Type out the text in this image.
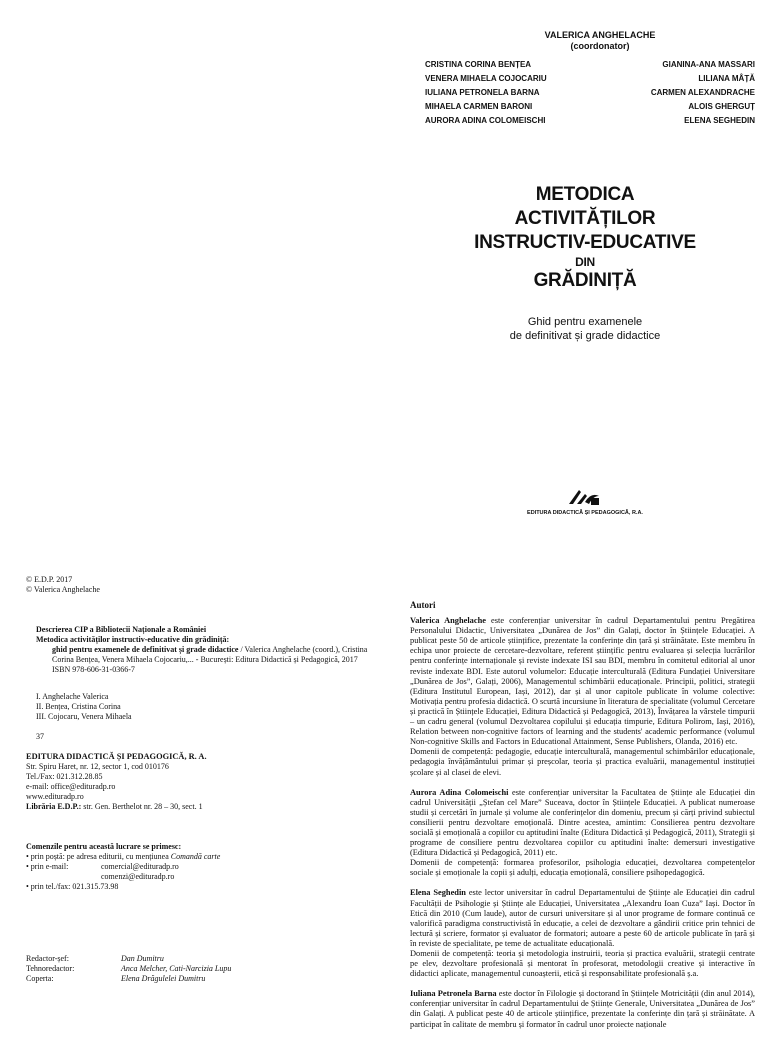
VALERICA ANGHELACHE
(coordonator)
CRISTINA CORINA BENȚEA	GIANINA-ANA MASSARI
VENERA MIHAELA COJOCARIU	LILIANA MÂȚĂ
IULIANA PETRONELA BARNA	CARMEN ALEXANDRACHE
MIHAELA CARMEN BARONI	ALOIS GHERGUȚ
AURORA ADINA COLOMEISCHI	ELENA SEGHEDIN
METODICA
ACTIVITĂȚILOR
INSTRUCTIV-EDUCATIVE
DIN
GRĂDINIȚĂ
Ghid pentru examenele
de definitivat și grade didactice
EDITURA DIDACTICĂ ȘI PEDAGOGICĂ, R.A.
© E.D.P. 2017
© Valerica Anghelache
Descrierea CIP a Bibliotecii Naționale a României
Metodica activităților instructiv-educative din grădiniță:
ghid pentru examenele de definitivat și grade didactice / Valerica Anghelache (coord.), Cristina Corina Bențea, Venera Mihaela Cojocariu,... - București: Editura Didactică și Pedagogică, 2017
ISBN 978-606-31-0366-7
I. Anghelache Valerica
II. Bențea, Cristina Corina
III. Cojocaru, Venera Mihaela
37
EDITURA DIDACTICĂ ȘI PEDAGOGICĂ, R. A.
Str. Spiru Haret, nr. 12, sector 1, cod 010176
Tel./Fax: 021.312.28.85
e-mail: office@edituradp.ro
www.edituradp.ro
Librăria E.D.P.: str. Gen. Berthelot nr. 28 – 30, sect. 1
Comenzile pentru această lucrare se primesc:
• prin poștă: pe adresa editurii, cu mențiunea Comandă carte
• prin e-mail:	comercial@edituradp.ro
comenzi@edituradp.ro
• prin tel./fax: 021.315.73.98
Redactor-șef:	Dan Dumitru
Tehnoredactor:	Anca Melcher, Cati-Narcizia Lupu
Coperta:	Elena Drăgulelei Dumitru
Autori

Valerica Anghelache este conferențiar universitar în cadrul Departamentului pentru Pregătirea Personalului Didactic, Universitatea „Dunărea de Jos” din Galați, doctor în Științele Educației. A publicat peste 50 de articole științifice, prezentate la conferințe din țară și străinătate. Este membru în echipa unor proiecte de cercetare-dezvoltare, referent științific pentru evaluarea și selecția lucrărilor pentru conferințe internaționale și reviste indexate ISI sau BDI, membru în comitetul editorial al unor reviste indexate BDI. Este autorul volumelor: Educație interculturală (Editura Fundației Universitare „Dunărea de Jos”, Galați, 2006), Managementul schimbării educaționale. Principii, politici, strategii (Editura Institutul European, Iași, 2012), dar și al unor capitole publicate în volume colective: Motivația pentru profesia didactică. O scurtă incursiune în literatura de specialitate (volumul Cercetare și practică în Științele Educației, Editura Didactică și Pedagogică, 2013), Învățarea la vârstele timpurii – un cadru general (volumul Dezvoltarea copilului și educația timpurie, Editura Polirom, Iași, 2016), Relation between non-cognitive factors of learning and the students' academic performance (volumul Non-cognitive Skills and Factors in Educational Attainment, Sense Publishers, Olanda, 2016) etc.
Domenii de competență: pedagogie, educație interculturală, managementul schimbărilor educaționale, pedagogia învățământului primar și preșcolar, teoria și practica evaluării, managementul instituției școlare și al clasei de elevi.

Aurora Adina Colomeischi este conferențiar universitar la Facultatea de Științe ale Educației din cadrul Universității „Ștefan cel Mare” Suceava, doctor în Științele Educației. A publicat numeroase studii și cercetări în jurnale și volume ale conferințelor din domeniu, precum și cărți privind subiectul consilierii pentru dezvoltare emoțională. Dintre acestea, amintim: Consilierea pentru dezvoltare socială și emoțională a copiilor cu aptitudini înalte (Editura Didactică și Pedagogică, 2011), Strategii și programe de consiliere pentru dezvoltarea copiilor cu aptitudini înalte: demersuri investigative (Editura Didactică și Pedagogică, 2011) etc.
Domenii de competență: formarea profesorilor, psihologia educației, dezvoltarea competențelor sociale și emoționale la copii și adulți, educația emoțională, consiliere psihopedagogică.

Elena Seghedin este lector universitar în cadrul Departamentului de Științe ale Educației din cadrul Facultății de Psihologie și Științe ale Educației, Universitatea „Alexandru Ioan Cuza” Iași. Doctor în Etică din 2010 (Cum laude), autor de cursuri universitare și al unor programe de formare continuă ce valorifică paradigma constructivistă în educație, a celei de dezvoltare a gândirii critice prin tehnici de lectură și scriere, formator și evaluator de formatori; autoare a peste 60 de articole publicate în țară și în reviste de specialitate, pe teme de actualitate educațională.
Domenii de competență: teoria și metodologia instruirii, teoria și practica evaluării, strategii centrate pe elev, dezvoltare profesională și mentorat în profesorat, metodologii creative și interactive în didactici aplicate, managementul cunoașterii, etică și responsabilitate profesională ș.a.

Iuliana Petronela Barna este doctor în Filologie și doctorand în Științele Motricității (din anul 2014), conferențiar universitar în cadrul Departamentului de Științe Generale, Universitatea „Dunărea de Jos” din Galați. A publicat peste 40 de articole științifice, prezentate la conferințe din țară și străinătate. A participat în calitate de membru și formator în cadrul unor proiecte naționale
